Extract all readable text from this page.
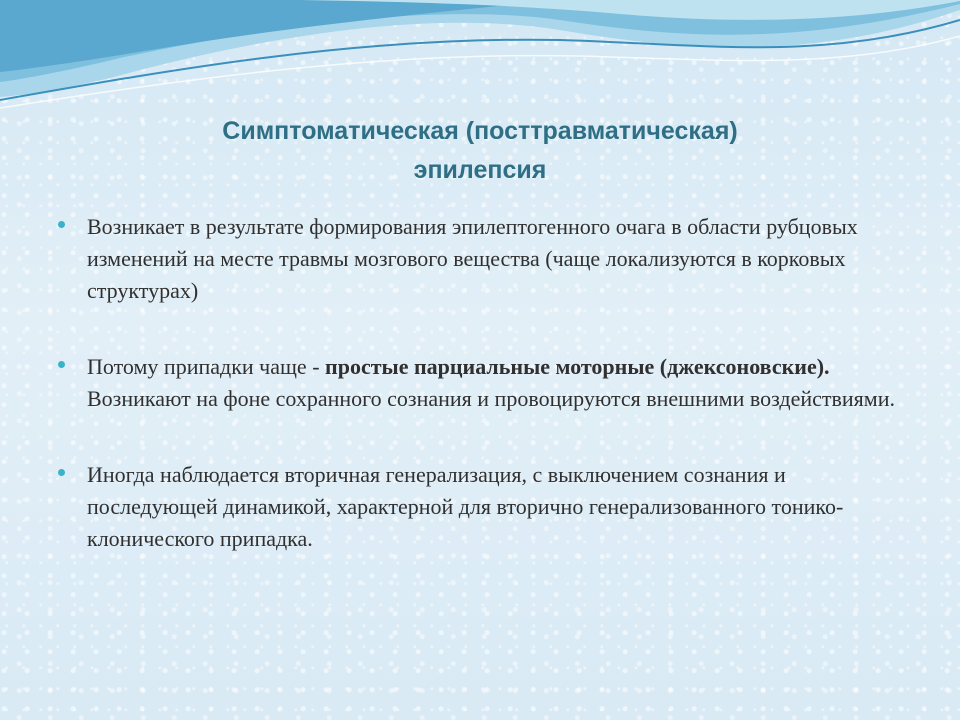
Симптоматическая (посттравматическая)
эпилепсия
Возникает в результате формирования эпилептогенного очага в области рубцовых изменений на месте травмы мозгового вещества (чаще локализуются в корковых структурах)
Потому припадки чаще - простые парциальные моторные (джексоновские). Возникают на фоне сохранного сознания и провоцируются внешними воздействиями.
Иногда наблюдается вторичная генерализация, с выключением сознания и последующей динамикой, характерной для вторично генерализованного тонико-клонического припадка.
